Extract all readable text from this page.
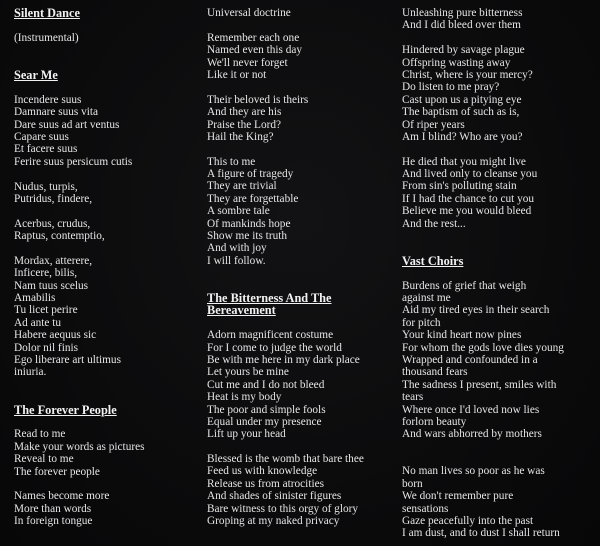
Silent Dance
(Instrumental)
Sear Me
Incendere suus
Damnare suus vita
Dare suus ad art ventus
Capare suus
Et facere suus
Ferire suus persicum cutis
Nudus, turpis,
Putridus, findere,
Acerbus, crudus,
Raptus, contemptio,
Mordax, atterere,
Inficere, bilis,
Nam tuus scelus
Amabilis
Tu licet perire
Ad ante tu
Habere aequus sic
Dolor nil finis
Ego liberare art ultimus
iniuria.
The Forever People
Read to me
Make your words as pictures
Reveal to me
The forever people
Names become more
More than words
In foreign tongue
Universal doctrine
Remember each one
Named even this day
We'll never forget
Like it or not
Their beloved is theirs
And they are his
Praise the Lord?
Hail the King?
This to me
A figure of tragedy
They are trivial
They are forgettable
A sombre tale
Of mankinds hope
Show me its truth
And with joy
I will follow.
The Bitterness And The
Bereavement
Adorn magnificent costume
For I come to judge the world
Be with me here in my dark place
Let yours be mine
Cut me and I do not bleed
Heat is my body
The poor and simple fools
Equal under my presence
Lift up your head
Blessed is the womb that bare thee
Feed us with knowledge
Release us from atrocities
And shades of sinister figures
Bare witness to this orgy of glory
Groping at my naked privacy
Unleashing pure bitterness
And I did bleed over them
Hindered by savage plague
Offspring wasting away
Christ, where is your mercy?
Do listen to me pray?
Cast upon us a pitying eye
The baptism of such as is,
Of riper years
Am I blind? Who are you?
He died that you might live
And lived only to cleanse you
From sin's polluting stain
If I had the chance to cut you
Believe me you would bleed
And the rest...
Vast Choirs
Burdens of grief that weigh
against me
Aid my tired eyes in their search
for pitch
Your kind heart now pines
For whom the gods love dies young
Wrapped and confounded in a
thousand fears
The sadness I present, smiles with
tears
Where once I'd loved now lies
forlorn beauty
And wars abhorred by mothers
No man lives so poor as he was
born
We don't remember pure
sensations
Gaze peacefully into the past
I am dust, and to dust I shall return
